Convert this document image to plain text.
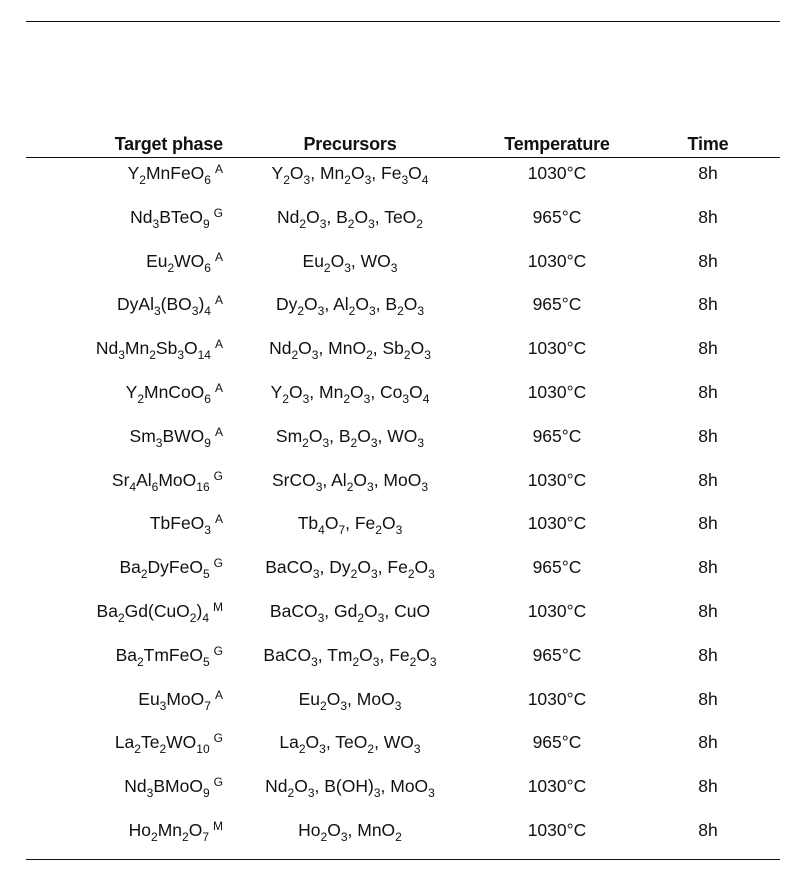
Target phase	Precursors	Temperature	Time
$Y_2MnFeO_6^A$	$Y_2O_3$, $Mn_2O_3$, $Fe_3O_4$	1030°C	8h
$Nd_3BTeO_9^G$	$Nd_2O_3$, $B_2O_3$, TeO$_2$	965°C	8h
$Eu_2WO_6^A$	$Eu_2O_3$, $WO_3$	1030°C	8h
$DyAl_3(BO_3)_4^A$	$Dy_2O_3$, $Al_2O_3$, $B_2O_3$	965°C	8h
$Nd_3Mn_2Sb_3O_{14}^A$	$Nd_2O_3$, MnO$_2$, $Sb_2O_3$	1030°C	8h
$Y_2MnCoO_6^A$	$Y_2O_3$, $Mn_2O_3$, $Co_3O_4$	1030°C	8h
$Sm_3BWO_9^A$	$Sm_2O_3$, $B_2O_3$, $WO_3$	965°C	8h
$Sr_4Al_6MoO_{16}^G$	SrCO$_3$, $Al_2O_3$, MoO$_3$	1030°C	8h
TbFeO$_3^A$	$Tb_4O_7$, $Fe_2O_3$	1030°C	8h
$Ba_2DyFeO_5^G$	BaCO$_3$, $Dy_2O_3$, $Fe_2O_3$	965°C	8h
$Ba_2Gd(CuO_2)_4^M$	BaCO$_3$, $Gd_2O_3$, CuO	1030°C	8h
$Ba_2TmFeO_5^G$	BaCO$_3$, $Tm_2O_3$, $Fe_2O_3$	965°C	8h
$Eu_3MoO_7^A$	$Eu_2O_3$, MoO$_3$	1030°C	8h
$La_2Te_2WO_{10}^G$	$La_2O_3$, TeO$_2$, $WO_3$	965°C	8h
$Nd_3BMoO_9^G$	$Nd_2O_3$, $B(OH)_3$, MoO$_3$	1030°C	8h
$Ho_2Mn_2O_7^M$	$Ho_2O_3$, MnO$_2$	1030°C	8h
